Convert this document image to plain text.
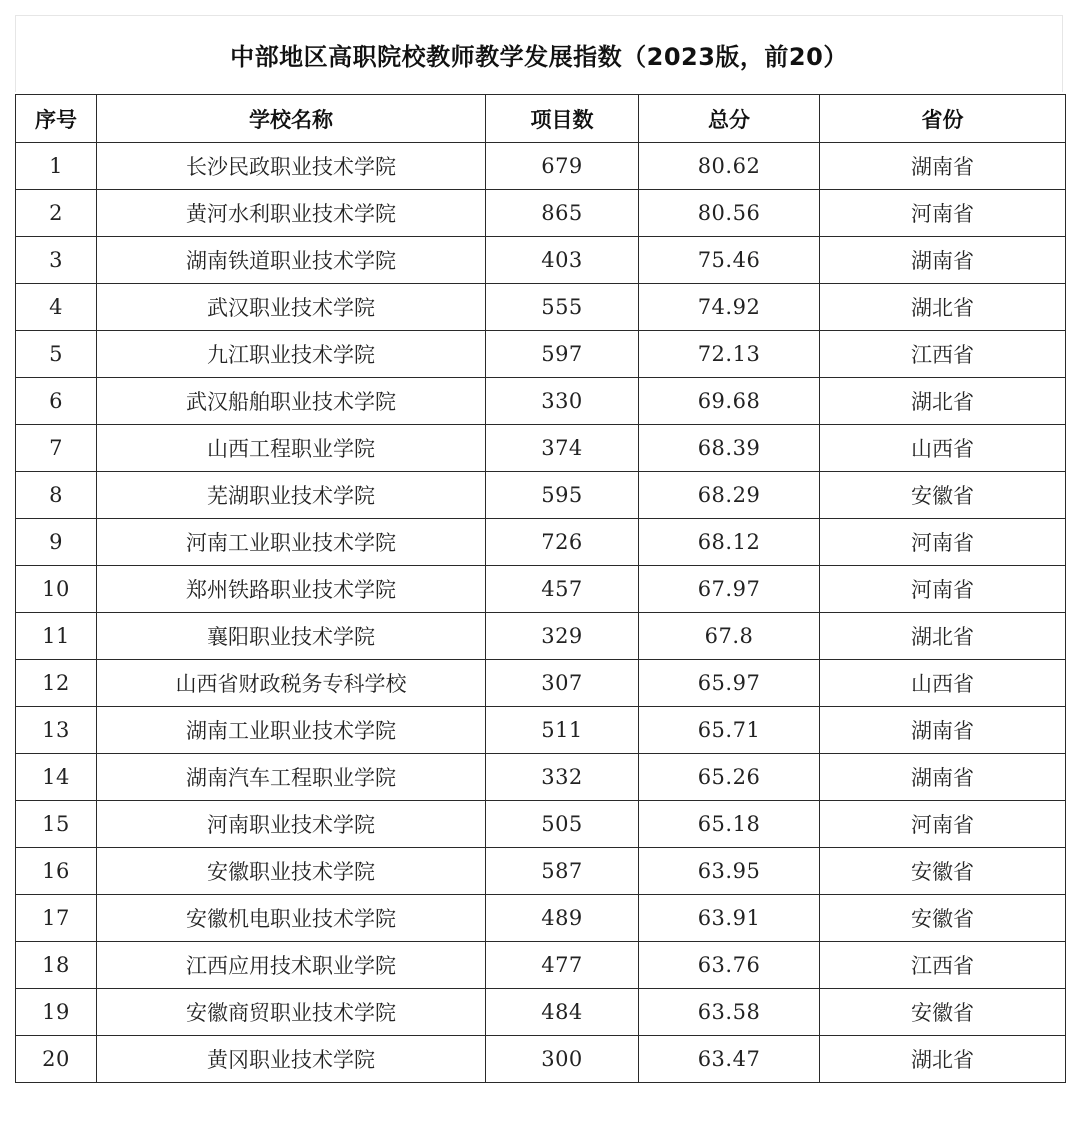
中部地区高职院校教师教学发展指数（2023版，前20）
序号	学校名称	项目数	总分	省份
1	长沙民政职业技术学院	679	80.62	湖南省
2	黄河水利职业技术学院	865	80.56	河南省
3	湖南铁道职业技术学院	403	75.46	湖南省
4	武汉职业技术学院	555	74.92	湖北省
5	九江职业技术学院	597	72.13	江西省
6	武汉船舶职业技术学院	330	69.68	湖北省
7	山西工程职业学院	374	68.39	山西省
8	芜湖职业技术学院	595	68.29	安徽省
9	河南工业职业技术学院	726	68.12	河南省
10	郑州铁路职业技术学院	457	67.97	河南省
11	襄阳职业技术学院	329	67.8	湖北省
12	山西省财政税务专科学校	307	65.97	山西省
13	湖南工业职业技术学院	511	65.71	湖南省
14	湖南汽车工程职业学院	332	65.26	湖南省
15	河南职业技术学院	505	65.18	河南省
16	安徽职业技术学院	587	63.95	安徽省
17	安徽机电职业技术学院	489	63.91	安徽省
18	江西应用技术职业学院	477	63.76	江西省
19	安徽商贸职业技术学院	484	63.58	安徽省
20	黄冈职业技术学院	300	63.47	湖北省
